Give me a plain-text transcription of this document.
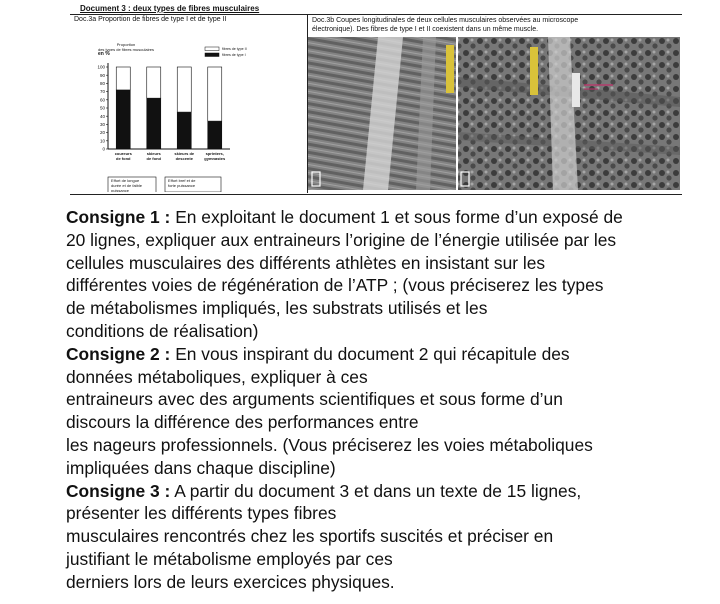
Document 3 : deux types de fibres musculaires
Doc.3a Proportion de fibres de type I et de type II	Doc.3b Coupes longitudinales de deux cellules musculaires observées au microscope
électronique). Des fibres de type I et II coexistent dans un même muscle.
Proportion
des types de fibres musculaires
en %
0
10
20
30
40
50
60
70
80
90
100
coureurs
de fond
skieurs
de fond
skieurs de
descente
sprinters,
gymnastes
fibres de type II
fibres de type I
Effort de longue
durée et de faible
puissance
Effort bref et de
forte puissance
Consigne 1 : En exploitant le document 1 et sous forme d’un exposé de
20 lignes, expliquer aux entraineurs l’origine de l’énergie utilisée par les
cellules musculaires des différents athlètes en insistant sur les
différentes voies de régénération de l’ATP ; (vous préciserez les types
de métabolismes impliqués, les substrats utilisés et les
conditions de réalisation)
Consigne 2 : En vous inspirant du document 2 qui récapitule des
données métaboliques, expliquer à ces
entraineurs avec des arguments scientifiques et sous forme d’un
discours la différence des performances entre
les nageurs professionnels. (Vous préciserez les voies métaboliques
impliquées dans chaque discipline)
Consigne 3 : A partir du document 3 et dans un texte de 15 lignes,
présenter les différents types fibres
musculaires rencontrés chez les sportifs suscités et préciser en
justifiant le métabolisme employés par ces
derniers lors de leurs exercices physiques.
